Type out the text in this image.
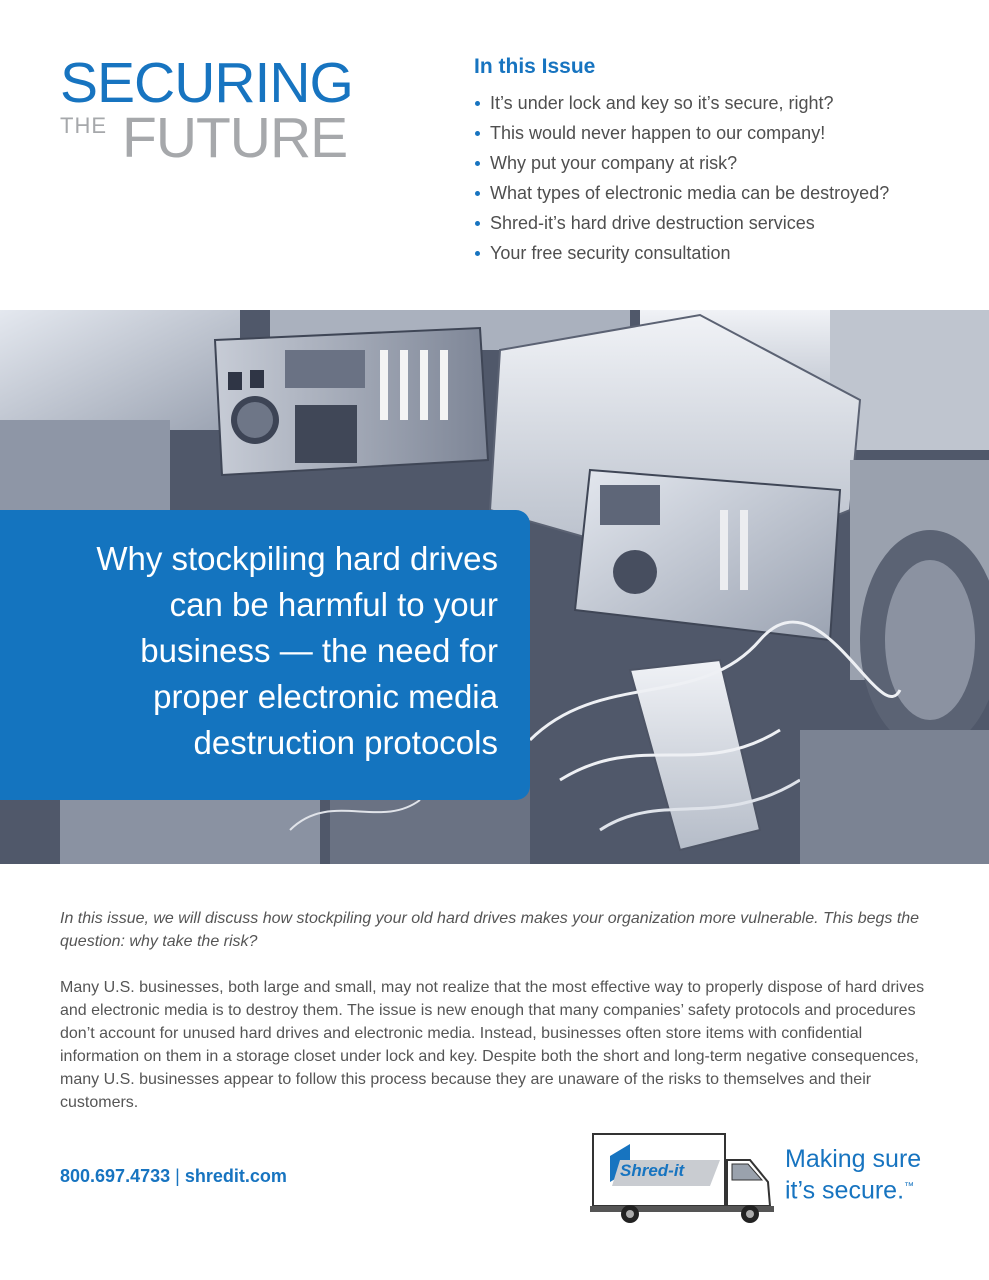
SECURING
THE FUTURE
In this Issue
It’s under lock and key so it’s secure, right?
This would never happen to our company!
Why put your company at risk?
What types of electronic media can be destroyed?
Shred-it’s hard drive destruction services
Your free security consultation

Why stockpiling hard drives

can be harmful to your

business — the need for

proper electronic media

destruction protocols

In this issue, we will discuss how stockpiling your old hard drives makes your organization more vulnerable. This begs the question: why take the risk?

Many U.S. businesses, both large and small, may not realize that the most effective way to properly dispose of hard drives and electronic media is to destroy them. The issue is new enough that many companies’ safety protocols and procedures don’t account for unused hard drives and electronic media. Instead, businesses often store items with confidential information on them in a storage closet under lock and key. Despite both the short and long-term negative consequences, many U.S. businesses appear to follow this process because they are unaware of the risks to themselves and their customers.

800.697.4733 | shredit.com	Shred-it	Making sure
it’s secure.™
